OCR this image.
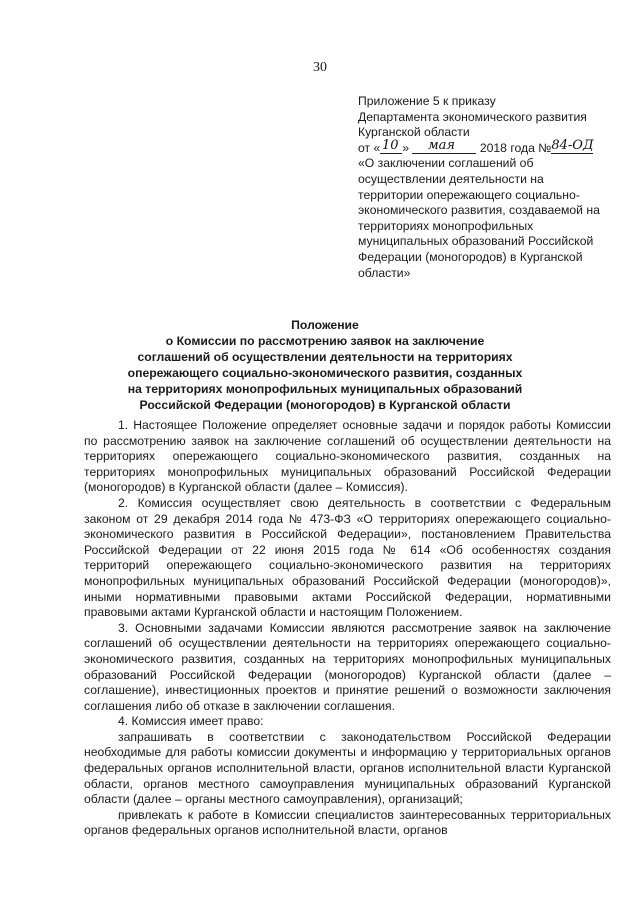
30
Приложение 5 к приказу
Департамента экономического развития
Курганской области
от « 10 » мая 2018 года №84-ОД
«О заключении соглашений об
осуществлении деятельности на
территории опережающего социально-
экономического развития, создаваемой на
территориях монопрофильных
муниципальных образований Российской
Федерации (моногородов) в Курганской
области»
Положение
о Комиссии по рассмотрению заявок на заключение
соглашений об осуществлении деятельности на территориях
опережающего социально-экономического развития, созданных
на территориях монопрофильных муниципальных образований
Российской Федерации (моногородов) в Курганской области

1. Настоящее Положение определяет основные задачи и порядок работы Комиссии по рассмотрению заявок на заключение соглашений об осуществлении деятельности на территориях опережающего социально-экономического развития, созданных на территориях монопрофильных муниципальных образований Российской Федерации (моногородов) в Курганской области (далее – Комиссия).

2. Комиссия осуществляет свою деятельность в соответствии с Федеральным законом от 29 декабря 2014 года № 473-ФЗ «О территориях опережающего социально-экономического развития в Российской Федерации», постановлением Правительства Российской Федерации от 22 июня 2015 года № 614 «Об особенностях создания территорий опережающего социально-экономического развития на территориях монопрофильных муниципальных образований Российской Федерации (моногородов)», иными нормативными правовыми актами Российской Федерации, нормативными правовыми актами Курганской области и настоящим Положением.

3. Основными задачами Комиссии являются рассмотрение заявок на заключение соглашений об осуществлении деятельности на территориях опережающего социально-экономического развития, созданных на территориях монопрофильных муниципальных образований Российской Федерации (моногородов) Курганской области (далее – соглашение), инвестиционных проектов и принятие решений о возможности заключения соглашения либо об отказе в заключении соглашения.

4. Комиссия имеет право:

запрашивать в соответствии с законодательством Российской Федерации необходимые для работы комиссии документы и информацию у территориальных органов федеральных органов исполнительной власти, органов исполнительной власти Курганской области, органов местного самоуправления муниципальных образований Курганской области (далее – органы местного самоуправления), организаций;

привлекать к работе в Комиссии специалистов заинтересованных территориальных органов федеральных органов исполнительной власти, органов
